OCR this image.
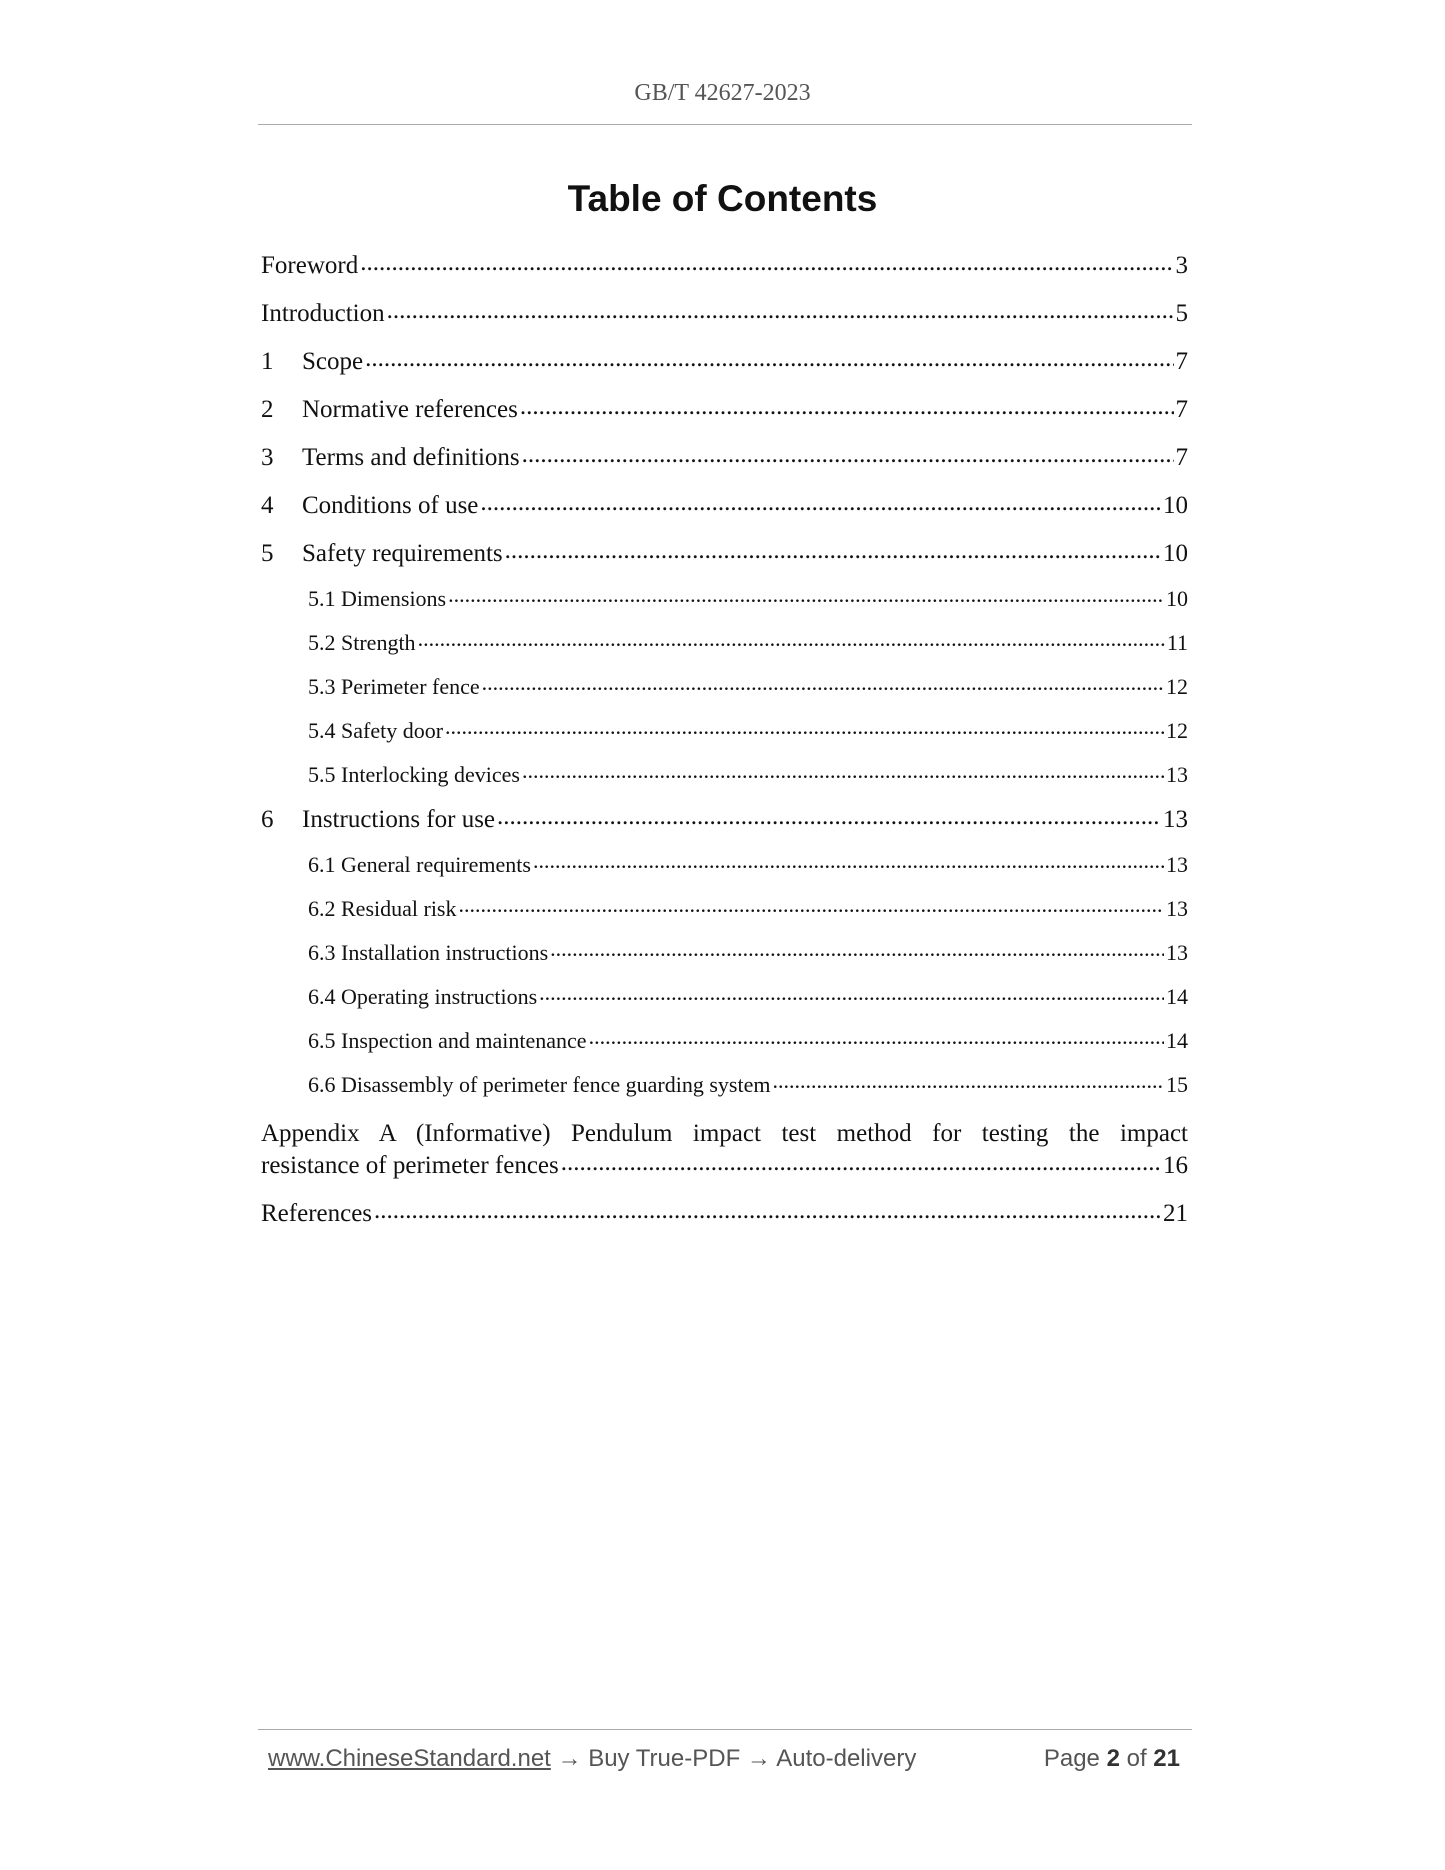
GB/T 42627-2023
Table of Contents
Foreword .....	3
Introduction .....	5
1	Scope .....	7
2	Normative references .....	7
3	Terms and definitions .....	7
4	Conditions of use .....	10
5	Safety requirements .....	10
5.1 Dimensions .....	10
5.2 Strength .....	11
5.3 Perimeter fence .....	12
5.4 Safety door .....	12
5.5 Interlocking devices .....	13
6	Instructions for use .....	13
6.1 General requirements .....	13
6.2 Residual risk .....	13
6.3 Installation instructions .....	13
6.4 Operating instructions .....	14
6.5 Inspection and maintenance .....	14
6.6 Disassembly of perimeter fence guarding system .....	15
Appendix A (Informative) Pendulum impact test method for testing the impact
resistance of perimeter fences .....	16
References .....	21
www.ChineseStandard.net → Buy True-PDF → Auto-delivery	Page 2 of 21
